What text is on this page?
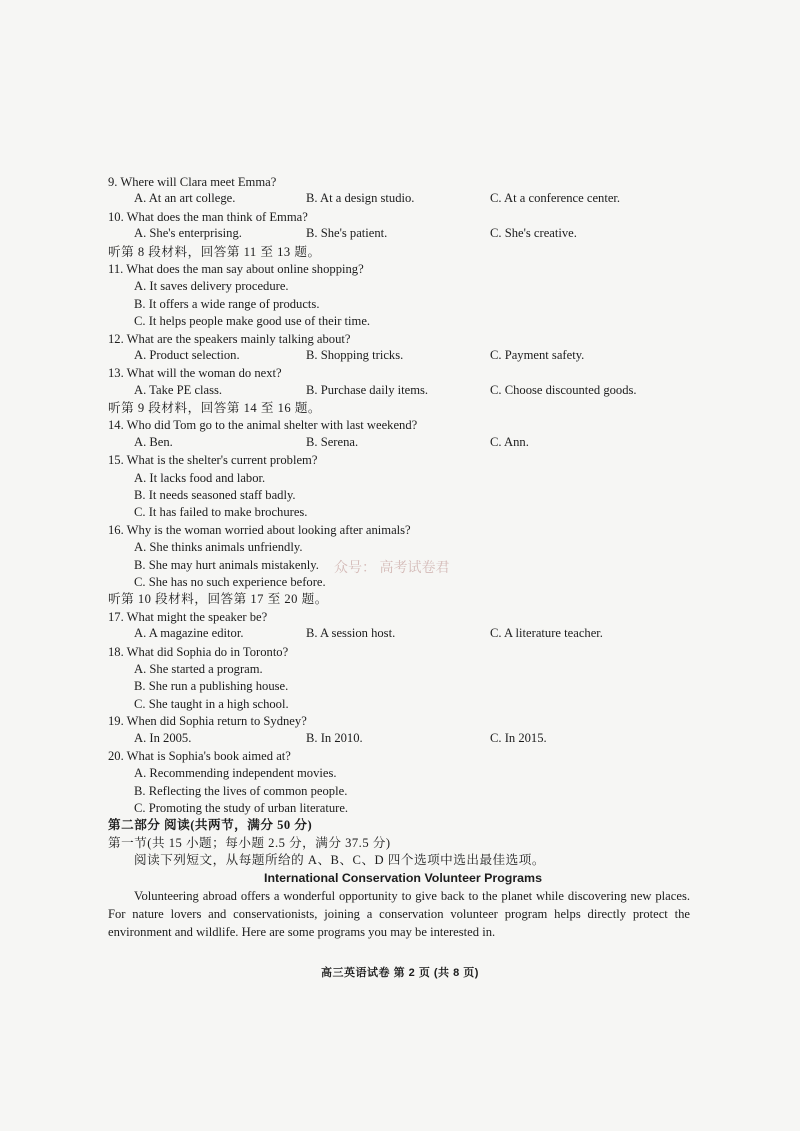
9. Where will Clara meet Emma?
A. At an art college.	B. At a design studio.	C. At a conference center.
10. What does the man think of Emma?
A. She's enterprising.	B. She's patient.	C. She's creative.
听第 8 段材料，回答第 11 至 13 题。
11. What does the man say about online shopping?
A. It saves delivery procedure.
B. It offers a wide range of products.
C. It helps people make good use of their time.
12. What are the speakers mainly talking about?
A. Product selection.	B. Shopping tricks.	C. Payment safety.
13. What will the woman do next?
A. Take PE class.	B. Purchase daily items.	C. Choose discounted goods.
听第 9 段材料，回答第 14 至 16 题。
14. Who did Tom go to the animal shelter with last weekend?
A. Ben.	B. Serena.	C. Ann.
15. What is the shelter's current problem?
A. It lacks food and labor.
B. It needs seasoned staff badly.
C. It has failed to make brochures.
16. Why is the woman worried about looking after animals?
A. She thinks animals unfriendly.
B. She may hurt animals mistakenly.
C. She has no such experience before.
听第 10 段材料，回答第 17 至 20 题。
17. What might the speaker be?
A. A magazine editor.	B. A session host.	C. A literature teacher.
18. What did Sophia do in Toronto?
A. She started a program.
B. She run a publishing house.
C. She taught in a high school.
19. When did Sophia return to Sydney?
A. In 2005.	B. In 2010.	C. In 2015.
20. What is Sophia's book aimed at?
A. Recommending independent movies.
B. Reflecting the lives of common people.
C. Promoting the study of urban literature.
第二部分 阅读(共两节，满分 50 分)
第一节(共 15 小题；每小题 2.5 分，满分 37.5 分)
阅读下列短文，从每题所给的 A、B、C、D 四个选项中选出最佳选项。
International Conservation Volunteer Programs
Volunteering abroad offers a wonderful opportunity to give back to the planet while discovering new places. For nature lovers and conservationists, joining a conservation volunteer program helps directly protect the environment and wildlife. Here are some programs you may be interested in.
众号： 高考试卷君
高三英语试卷 第 2 页 (共 8 页)
